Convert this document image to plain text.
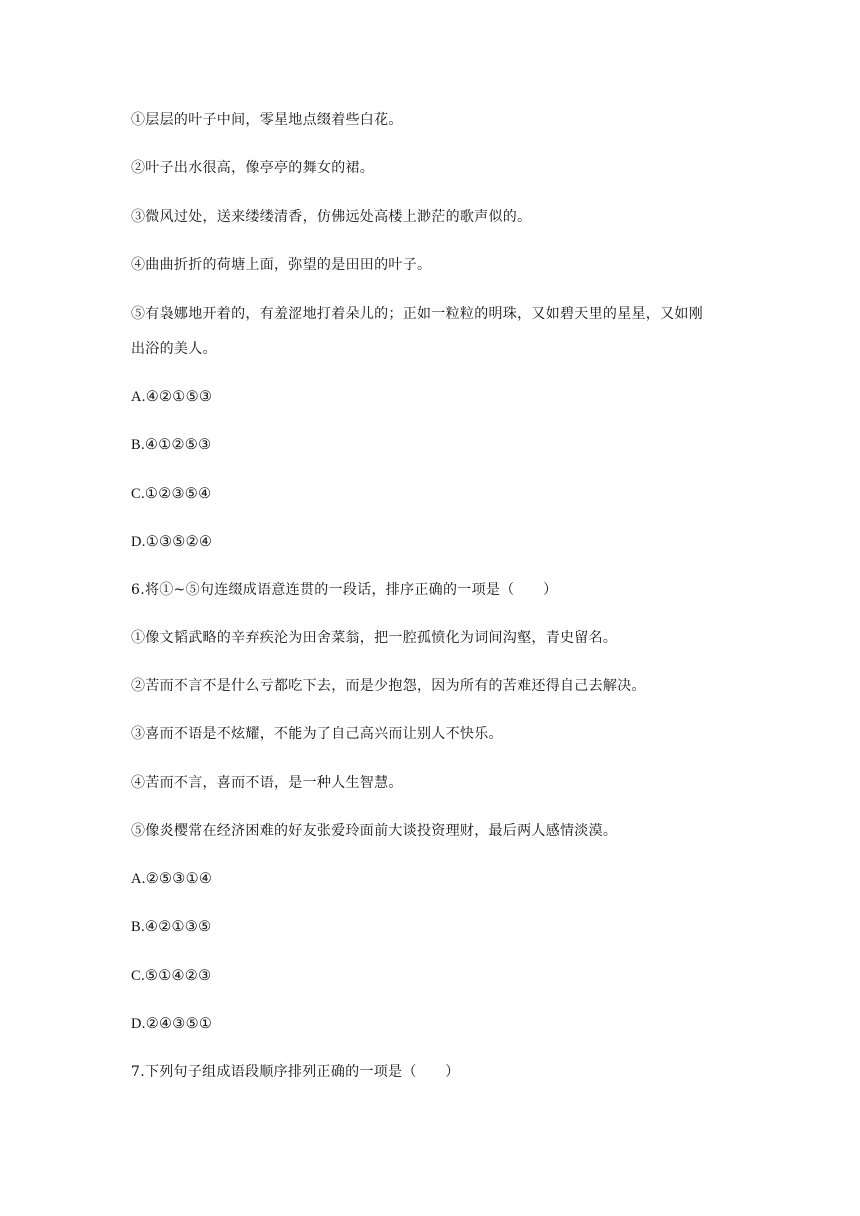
①层层的叶子中间，零星地点缀着些白花。
②叶子出水很高，像亭亭的舞女的裙。
③微风过处，送来缕缕清香，仿佛远处高楼上渺茫的歌声似的。
④曲曲折折的荷塘上面，弥望的是田田的叶子。
⑤有袅娜地开着的，有羞涩地打着朵儿的；正如一粒粒的明珠，又如碧天里的星星，又如刚
出浴的美人。
A.④②①⑤③
B.④①②⑤③
C.①②③⑤④
D.①③⑤②④
6.将①~⑤句连缀成语意连贯的一段话，排序正确的一项是（　　）
①像文韬武略的辛弃疾沦为田舍菜翁，把一腔孤愤化为词间沟壑，青史留名。
②苦而不言不是什么亏都吃下去，而是少抱怨，因为所有的苦难还得自己去解决。
③喜而不语是不炫耀，不能为了自己高兴而让别人不快乐。
④苦而不言，喜而不语，是一种人生智慧。
⑤像炎樱常在经济困难的好友张爱玲面前大谈投资理财，最后两人感情淡漠。
A.②⑤③①④
B.④②①③⑤
C.⑤①④②③
D.②④③⑤①
7.下列句子组成语段顺序排列正确的一项是（　　）
